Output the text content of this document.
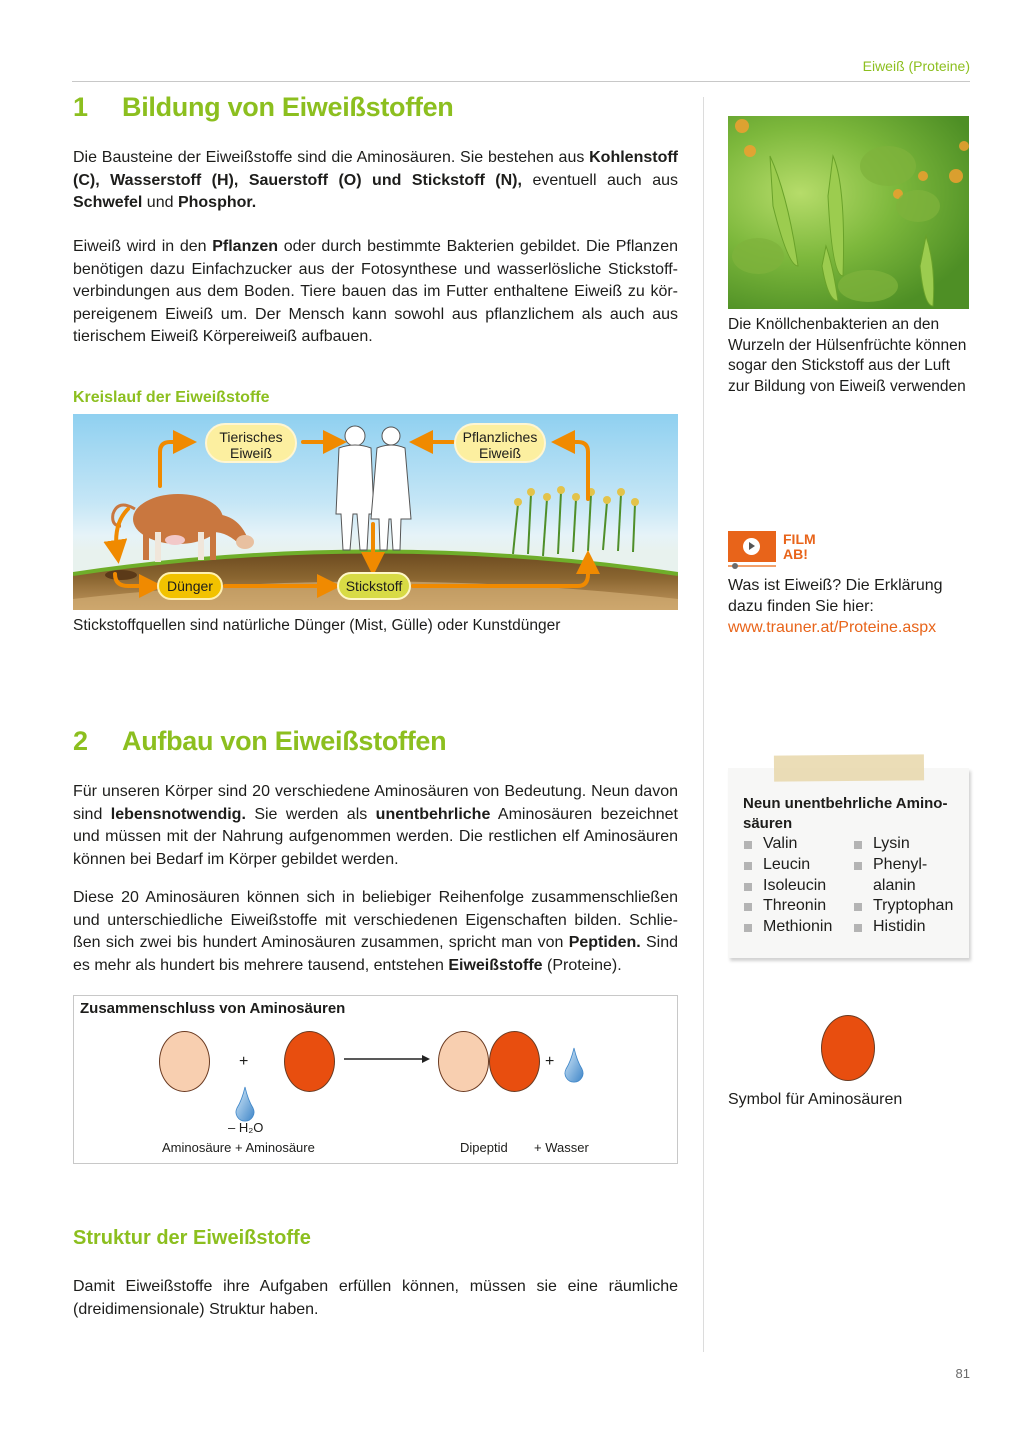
Eiweiß (Proteine)
1 Bildung von Eiweißstoffen

Die Bausteine der Eiweißstoffe sind die Aminosäuren. Sie bestehen aus Kohlenstoff (C), Wasserstoff (H), Sauerstoff (O) und Stickstoff (N), eventuell auch aus Schwefel und Phosphor.

Eiweiß wird in den Pflanzen oder durch bestimmte Bakterien gebildet. Die Pflanzen benötigen dazu Einfachzucker aus der Fotosynthese und wasserlösliche Stickstoffverbindungen aus dem Boden. Tiere bauen das im Futter enthaltene Eiweiß zu körpereigenem Eiweiß um. Der Mensch kann sowohl aus pflanzlichem als auch aus tierischem Eiweiß Körpereiweiß aufbauen.

Kreislauf der Eiweißstoffe
Tierisches
Eiweiß
Pflanzliches
Eiweiß
Dünger	Stickstoff
Stickstoffquellen sind natürliche Dünger (Mist, Gülle) oder Kunstdünger
Die Knöllchenbakterien an den Wurzeln der Hülsenfrüchte können sogar den Stickstoff aus der Luft zur Bildung von Eiweiß verwenden
FILM
AB!
Was ist Eiweiß? Die Erklärung dazu finden Sie hier:
www.trauner.at/Proteine.aspx
2 Aufbau von Eiweißstoffen

Für unseren Körper sind 20 verschiedene Aminosäuren von Bedeutung. Neun davon sind lebensnotwendig. Sie werden als unentbehrliche Aminosäuren bezeichnet und müssen mit der Nahrung aufgenommen werden. Die restlichen elf Aminosäuren können bei Bedarf im Körper gebildet werden.

Diese 20 Aminosäuren können sich in beliebiger Reihenfolge zusammenschließen und unterschiedliche Eiweißstoffe mit verschiedenen Eigenschaften bilden. Schließen sich zwei bis hundert Aminosäuren zusammen, spricht man von Peptiden. Sind es mehr als hundert bis mehrere tausend, entstehen Eiweißstoffe (Proteine).

Neun unentbehrliche Aminosäuren
Valin
Leucin
Isoleucin
Threonin
Methionin
Lysin
Phenyl-
alanin
Tryptophan
Histidin
Zusammenschluss von Aminosäuren
+	+
– H₂O
Aminosäure + Aminosäure	Dipeptid + Wasser
Symbol für Aminosäuren
Struktur der Eiweißstoffe

Damit Eiweißstoffe ihre Aufgaben erfüllen können, müssen sie eine räumliche (dreidimensionale) Struktur haben.

81
